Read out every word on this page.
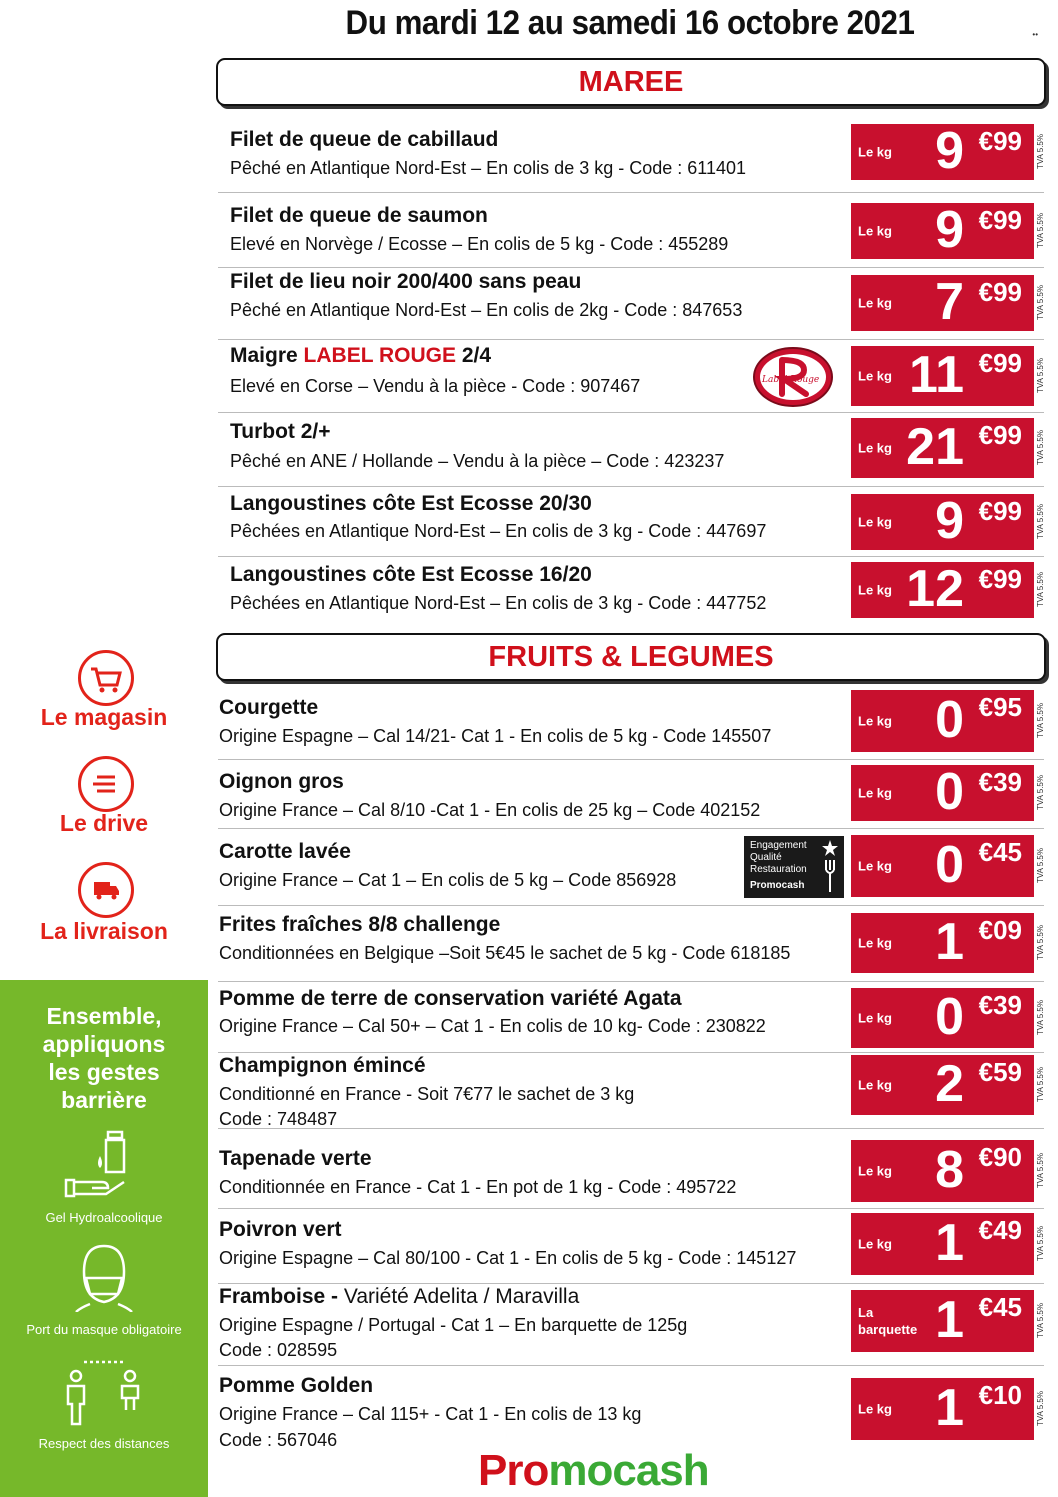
Du mardi 12 au samedi 16 octobre 2021	••
MAREE
Filet de queue de cabillaud
Pêché en Atlantique Nord-Est – En colis de 3 kg - Code : 611401
Le kg 9 €99 TVA 5.5%
Filet de queue de saumon
Elevé en Norvège / Ecosse – En colis de 5 kg - Code : 455289
Le kg 9 €99 TVA 5.5%
Filet de lieu noir 200/400 sans peau
Pêché en Atlantique Nord-Est – En colis de 2kg - Code : 847653	Le kg 7 €99 TVA 5.5%
Maigre LABEL ROUGE 2/4
Elevé en Corse – Vendu à la pièce - Code : 907467	Le kg 11 €99 TVA 5.5%
Turbot 2/+
Pêché en ANE / Hollande – Vendu à la pièce – Code : 423237
Le kg 21 €99 TVA 5.5%
Langoustines côte Est Ecosse 20/30
Pêchées en Atlantique Nord-Est – En colis de 3 kg - Code : 447697	Le kg 9 €99 TVA 5.5%
Langoustines côte Est Ecosse 16/20
Pêchées en Atlantique Nord-Est – En colis de 3 kg - Code : 447752
Le kg 12 €99 TVA 5.5%
FRUITS & LEGUMES
Courgette
Origine Espagne – Cal 14/21- Cat 1 - En colis de 5 kg - Code 145507
Le kg 0 €95 TVA 5.5%
Oignon gros
Origine France – Cal 8/10 -Cat 1 - En colis de 25 kg – Code 402152
Le kg 0 €39 TVA 5.5%
Carotte lavée
Origine France – Cat 1 – En colis de 5 kg – Code 856928
Le kg 0 €45 TVA 5.5%
Frites fraîches 8/8 challenge
Conditionnées en Belgique –Soit 5€45 le sachet de 5 kg - Code 618185	Le kg 1 €09 TVA 5.5%
Pomme de terre de conservation variété Agata
Origine France – Cal 50+ – Cat 1 - En colis de 10 kg- Code : 230822	Le kg 0 €39 TVA 5.5%
Champignon émincé
Conditionné en France - Soit 7€77 le sachet de 3 kg
Code : 748487
Le kg 2 €59 TVA 5.5%
Tapenade verte
Conditionnée en France - Cat 1 - En pot de 1 kg - Code : 495722
Le kg 8 €90 TVA 5.5%
Poivron vert
Origine Espagne – Cal 80/100 - Cat 1 - En colis de 5 kg - Code : 145127
Le kg 1 €49 TVA 5.5%
Framboise - Variété Adelita / Maravilla
Origine Espagne / Portugal - Cat 1 – En barquette de 125g
Code : 028595
La barquette 1 €45 TVA 5.5%
Pomme Golden
Origine France – Cal 115+ - Cat 1 - En colis de 13 kg
Code : 567046
Le kg 1 €10 TVA 5.5%
Label Rouge
Engagement
Qualité
Restauration
Promocash
Le magasin
Le drive
La livraison
Ensemble,
appliquons
les gestes
barrière
Gel Hydroalcoolique
Port du masque obligatoire
Respect des distances
Promocash
